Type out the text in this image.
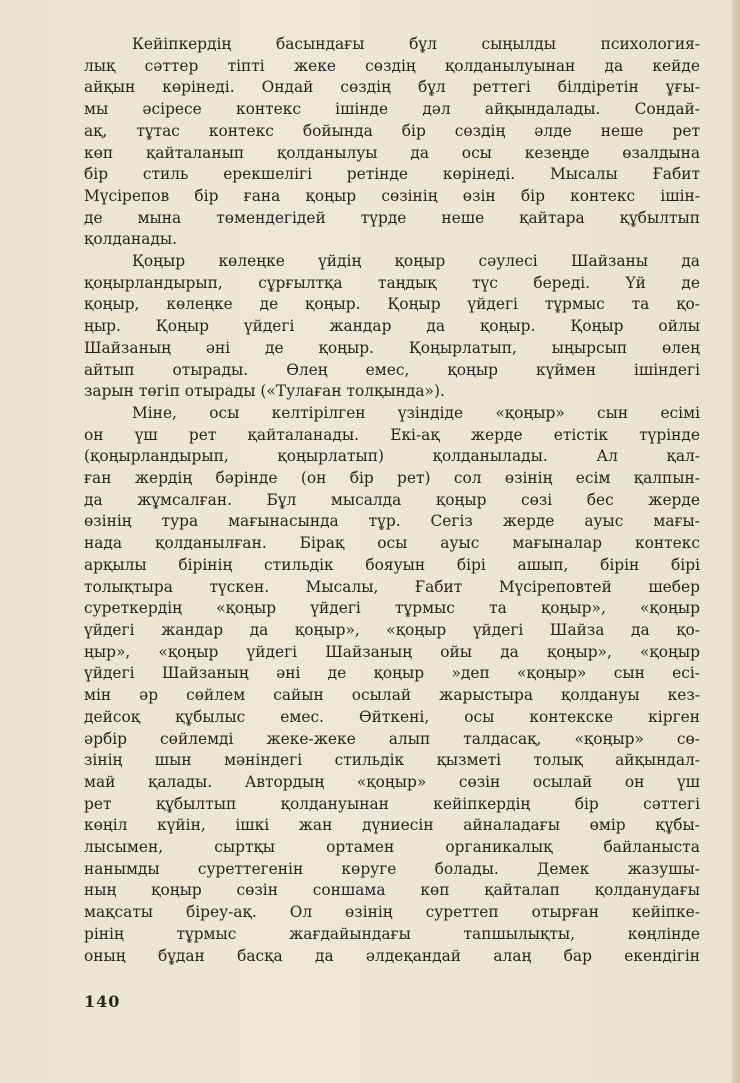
Кейіпкердің басындағы бұл сыңылды психология-
лық сәттер тіпті жеке сөздің қолданылуынан да кейде
айқын көрінеді. Ондай сөздің бұл реттегі білдіретін ұғы-
мы әсіресе контекс ішінде дәл айқындалады. Сондай-
ақ, тұтас контекс бойында бір сөздің әлде неше рет
көп қайталанып қолданылуы да осы кезеңде өзалдына
бір стиль ерекшелігі ретінде көрінеді. Мысалы Ғабит
Мүсірепов бір ғана қоңыр сөзінің өзін бір контекс ішін-
де мына төмендегідей түрде неше қайтара құбылтып
қолданады.
Қоңыр көлеңке үйдің қоңыр сәулесі Шайзаны да
қоңырландырып, сұрғылтқа таңдық түс береді. Үй де
қоңыр, көлеңке де қоңыр. Қоңыр үйдегі тұрмыс та қо-
ңыр. Қоңыр үйдегі жандар да қоңыр. Қоңыр ойлы
Шайзаның әні де қоңыр. Қоңырлатып, ыңырсып өлең
айтып отырады. Өлең емес, қоңыр күймен ішіндегі
зарын төгіп отырады («Тулаған толқында»).
Міне, осы келтірілген үзіндіде «қоңыр» сын есімі
он үш рет қайталанады. Екі-ақ жерде етістік түрінде
(қоңырландырып, қоңырлатып) қолданылады. Ал қал-
ған жердің бәрінде (он бір рет) сол өзінің есім қалпын-
да жұмсалған. Бұл мысалда қоңыр сөзі бес жерде
өзінің тура мағынасында тұр. Сегіз жерде ауыс мағы-
нада қолданылған. Бірақ осы ауыс мағыналар контекс
арқылы бірінің стильдік бояуын бірі ашып, бірін бірі
толықтыра түскен. Мысалы, Ғабит Мүсіреповтей шебер
суреткердің «қоңыр үйдегі тұрмыс та қоңыр», «қоңыр
үйдегі жандар да қоңыр», «қоңыр үйдегі Шайза да қо-
ңыр», «қоңыр үйдегі Шайзаның ойы да қоңыр», «қоңыр
үйдегі Шайзаның әні де қоңыр »деп «қоңыр» сын есі-
мін әр сөйлем сайын осылай жарыстыра қолдануы кез-
дейсоқ құбылыс емес. Өйткені, осы контекске кірген
әрбір сөйлемді жеке-жеке алып талдасақ, «қоңыр» сө-
зінің шын мәніндегі стильдік қызметі толық айқындал-
май қалады. Автордың «қоңыр» сөзін осылай он үш
рет құбылтып қолдануынан кейіпкердің бір сәттегі
көңіл күйін, ішкі жан дүниесін айналадағы өмір құбы-
лысымен, сыртқы ортамен органикалық байланыста
нанымды суреттегенін көруге болады. Демек жазушы-
ның қоңыр сөзін соншама көп қайталап қолданудағы
мақсаты біреу-ақ. Ол өзінің суреттеп отырған кейіпке-
рінің тұрмыс жағдайындағы тапшылықты, көңлінде
оның бұдан басқа да әлдеқандай алаң бар екендігін
140
